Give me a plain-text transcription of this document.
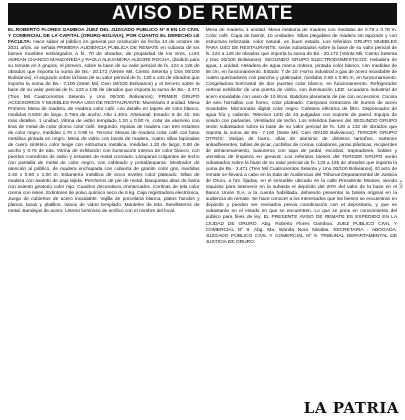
AVISO DE REMATE

EL ROBERTO FLORES GAMBOA JUEZ DEL JUZGADO PÚBLICO Nº 9 EN LO CIVIL Y COMERCIAL DE LA CAPITAL (ORURO-BOLIVIA), POR CUANTO EL DERECHO LE FACULTA: Hace saber al público en general por resolución de fecha 14 de octubre de 2021 años, se señala PRIMERA AUDIENCIA PÚBLICA DE REMATE en subasta de los bienes muebles embargados a fs. 70 de obrados, de propiedad de los Sres. LUIS ADRIAN CHANGO MANZANEDA y PAOLA ALEJANDRA ALEGRE ROCHA, dividido para su remate en 4 grupos, el primero, sobre la base de su valor pericial de fs. 124 a 126 de obrados que importa la suma de Bs.- 20.172 (Veinte Mil, Ciento Setenta y Dos 00/100 Bolivianos), el segundo sobre la base de su valor pericial de fs. 130 a 132 de obrados que importa la suma de Bs.- 7.100 (Siete Mil, Cien 00/100 Bolivianos) y el tercero sobre la base de su valor pericial de fs. 133 a 135 de obrados que importa la suma de Bs.- 3.471 (Tres Mil Cuatrocientos Setenta y Uno 00/100 Bolivianos); PRIMER GRUPO ACCESORIOS Y MUEBLES PARA USO DE RESTAURANTE: Muestrario 3 unidad. Mesa Primera: Mesa de madera, de madera color café, con detalle en tapete de color blanco, medidas 0.63m de largo, 0.78m de ancho. Alto 1.40m. Artesanal. Estado: 6 de 10. Sin más detalles. 1 unidad. Vitrina de vidrio templado 1.20 x 0.50 m, color de aluminio con tiras de metal de color plomo color café. Segundo: repisas de madera con tres estantes de color negro, medidas 1.70 x 0.95 m. Tercero: Mesas de madera color café con base metálica pintada en negro. Mesa de vidrio con borde de madera, cuatro sillas tapizadas de cuero sintético color beige con estructura metálica, medidas 1.20 de largo, 0.80 de ancho y 0.75 de alto. Vitrina de exhibición con iluminación interna de color blanco, con puertas corredizas de vidrio y estantes de metal cromado. Lámparas colgantes de techo con pantalla de metal de color negro, con cableado y portalámparas. Mostrador de atención al público, de madera enchapada con cubierta de granito color gris, medidas 2.40 x 0.60 x 1.00 m. Estantería metálica de cinco niveles color plateado. Sillas de madera con asiento de paja tejida. Percheros de pie de metal. Banquetas altas de barra con asiento giratorio color rojo. Cuadros decorativos enmarcados. Cortinas de tela color crema con rieles. Extintores de polvo químico seco de 6 kg. Caja registradora electrónica. Juego de cubiertos de acero inoxidable. Vajilla de porcelana blanca, platos hondos y planos, tazas y platillos. Vasos de vidrio templado. Manteles de tela. Servilleteros de metal. Bandejas de acero. Letrero luminoso de acrílico con el nombre del local.

Mesa de madera, 1 unidad. Mesa mediana de madera con medidas de 0.78 x 0.78 m. Color café. Capa de barniz, 10 unidades. Sillas plegables de madera sin tapizado y con estructura reforzada, color natural, en buen estado. Los referidos GRUPO MUEBLES PARA USO DE RESTAURANTE, serán subastados sobre la base de su valor pericial de fs. 124 a 126 de obrados que importa la suma de Bs.- 20.172 (Veinte Mil, Ciento Setenta y Dos 00/100 Bolivianos). SEGUNDO GRUPO ELECTRODOMÉSTICOS: Heladera de agua, 1 unidad. Heladera de agua marca Imbera, pintada color blanco, con medidas de 55 cm, en funcionamiento. Estado: 7 de 10. Horno industrial a gas de acero inoxidable de cuatro quemadores con plancha y gratinador, medidas 0.90 x 0.80 m, en funcionamiento. Congeladora horizontal de dos puertas color blanco, en funcionamiento. Refrigerador vertical exhibidor de una puerta de vidrio, con iluminación LED. Licuadora industrial de acero inoxidable con vaso de 10 litros. Batidora planetaria de pie con accesorios. Cocina de seis hornallas con horno, color plateado. Campana extractora de humos de acero inoxidable. Microondas digital color negro. Cafetera eléctrica de filtro. Dispensador de agua fría y caliente. Televisor LED de 43 pulgadas con soporte de pared. Equipo de sonido con parlantes. Ventilador de techo. Los referidos bienes del SEGUNDO GRUPO serán subastados sobre la base de su valor pericial de fs. 130 a 132 de obrados que importa la suma de Bs.- 7.100 (Siete Mil, Cien 00/100 Bolivianos). TERCER GRUPO OTROS: Vasijas de barro, ollas de aluminio de distintos tamaños, sartenes antiadherentes, tablas de picar, cuchillos de cocina, coladores, jarras plásticas, recipientes de almacenamiento, basureros con tapa de pedal, escobas, trapeadores, baldes y utensilios de limpieza en general. Los referidos bienes del TERCER GRUPO serán subastados sobre la base de su valor pericial de fs. 133 a 135 de obrados que importa la suma de Bs.- 3.471 (Tres Mil Cuatrocientos Setenta y Uno 00/100 Bolivianos). El acto de remate se llevará a cabo en la Sala de Audiencias del Tribunal Departamental de Justicia de Oruro, a hrs. fijadas, en el inmueble ubicado en la calle Presidente Montes, siendo requisito para intervenir en la subasta el depósito del 20% del valor de la base en el Banco Unión S.A. a la cuenta habilitada, debiendo presentar la boleta original en la audiencia de remate. Se hace conocer a los interesados que los bienes se encuentran en depósito y pueden ser revisados previa coordinación con el depositario, y que se subastarán en el estado en que se encuentren. Lo que se pone en conocimiento del público para fines de ley. EL PRESENTE AVISO DE REMATE ES EXPEDIDO EN LA CIUDAD DE ORURO. Abg. Roberto Flores Gamboa. JUEZ PÚBLICO CIVIL Y COMERCIAL Nº 9. Abg. Ma. Wanda Nora Sárabia. SECRETARIA - ABOGADA. JUZGADO PÚBLICO CIVIL Y COMERCIAL Nº 9. TRIBUNAL DEPARTAMENTAL DE JUSTICIA DE ORURO.

1-(3)
LA PATRIA
